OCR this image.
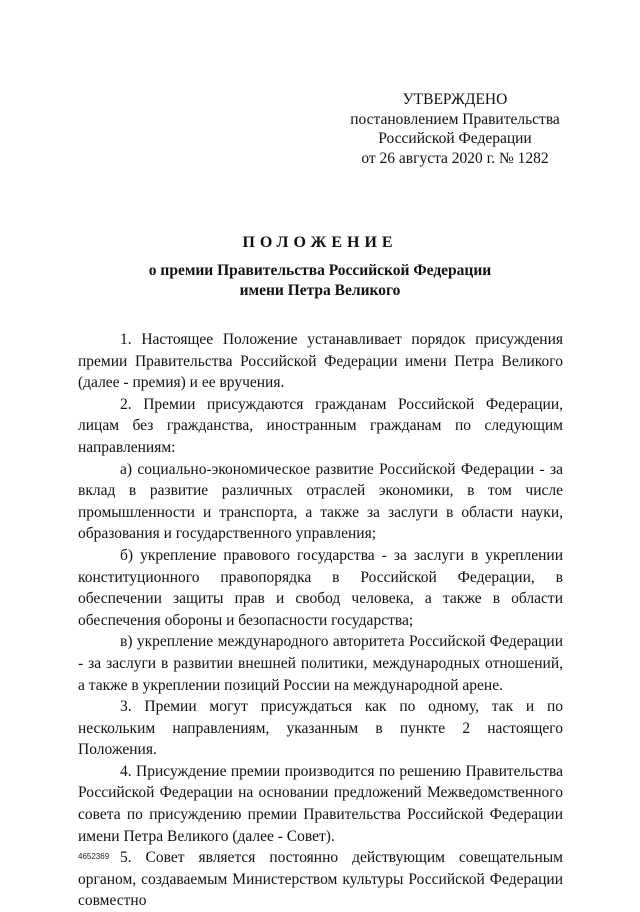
УТВЕРЖДЕНО
постановлением Правительства
Российской Федерации
от 26 августа 2020 г. № 1282
ПОЛОЖЕНИЕ
о премии Правительства Российской Федерации
имени Петра Великого

1. Настоящее Положение устанавливает порядок присуждения премии Правительства Российской Федерации имени Петра Великого (далее - премия) и ее вручения.

2. Премии присуждаются гражданам Российской Федерации, лицам без гражданства, иностранным гражданам по следующим направлениям:

а) социально-экономическое развитие Российской Федерации - за вклад в развитие различных отраслей экономики, в том числе промышленности и транспорта, а также за заслуги в области науки, образования и государственного управления;

б) укрепление правового государства - за заслуги в укреплении конституционного правопорядка в Российской Федерации, в обеспечении защиты прав и свобод человека, а также в области обеспечения обороны и безопасности государства;

в) укрепление международного авторитета Российской Федерации - за заслуги в развитии внешней политики, международных отношений, а также в укреплении позиций России на международной арене.

3. Премии могут присуждаться как по одному, так и по нескольким направлениям, указанным в пункте 2 настоящего Положения.

4. Присуждение премии производится по решению Правительства Российской Федерации на основании предложений Межведомственного совета по присуждению премии Правительства Российской Федерации имени Петра Великого (далее - Совет).

5. Совет является постоянно действующим совещательным органом, создаваемым Министерством культуры Российской Федерации совместно

4652369
